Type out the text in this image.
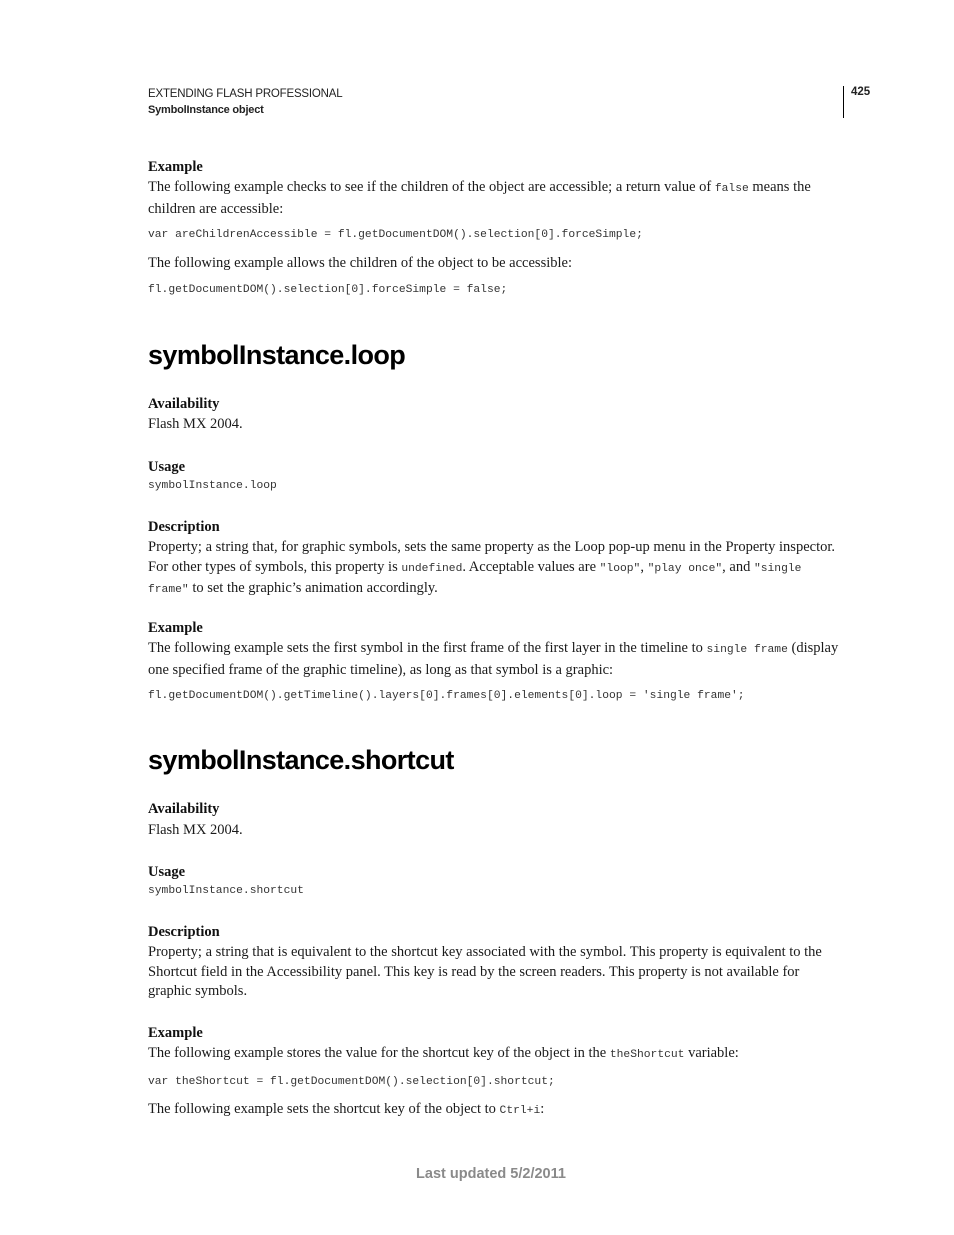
EXTENDING FLASH PROFESSIONAL
SymbolInstance object
425
Example

The following example checks to see if the children of the object are accessible; a return value of false means the children are accessible:

var areChildrenAccessible = fl.getDocumentDOM().selection[0].forceSimple;

The following example allows the children of the object to be accessible:

fl.getDocumentDOM().selection[0].forceSimple = false;
symbolInstance.loop
Availability

Flash MX 2004.

Usage
symbolInstance.loop
Description

Property; a string that, for graphic symbols, sets the same property as the Loop pop-up menu in the Property inspector. For other types of symbols, this property is undefined. Acceptable values are "loop", "play once", and "single frame" to set the graphic’s animation accordingly.

Example

The following example sets the first symbol in the first frame of the first layer in the timeline to single frame (display one specified frame of the graphic timeline), as long as that symbol is a graphic:

fl.getDocumentDOM().getTimeline().layers[0].frames[0].elements[0].loop = 'single frame';
symbolInstance.shortcut
Availability

Flash MX 2004.

Usage
symbolInstance.shortcut
Description

Property; a string that is equivalent to the shortcut key associated with the symbol. This property is equivalent to the Shortcut field in the Accessibility panel. This key is read by the screen readers. This property is not available for graphic symbols.

Example

The following example stores the value for the shortcut key of the object in the theShortcut variable:

var theShortcut = fl.getDocumentDOM().selection[0].shortcut;

The following example sets the shortcut key of the object to Ctrl+i:

Last updated 5/2/2011
